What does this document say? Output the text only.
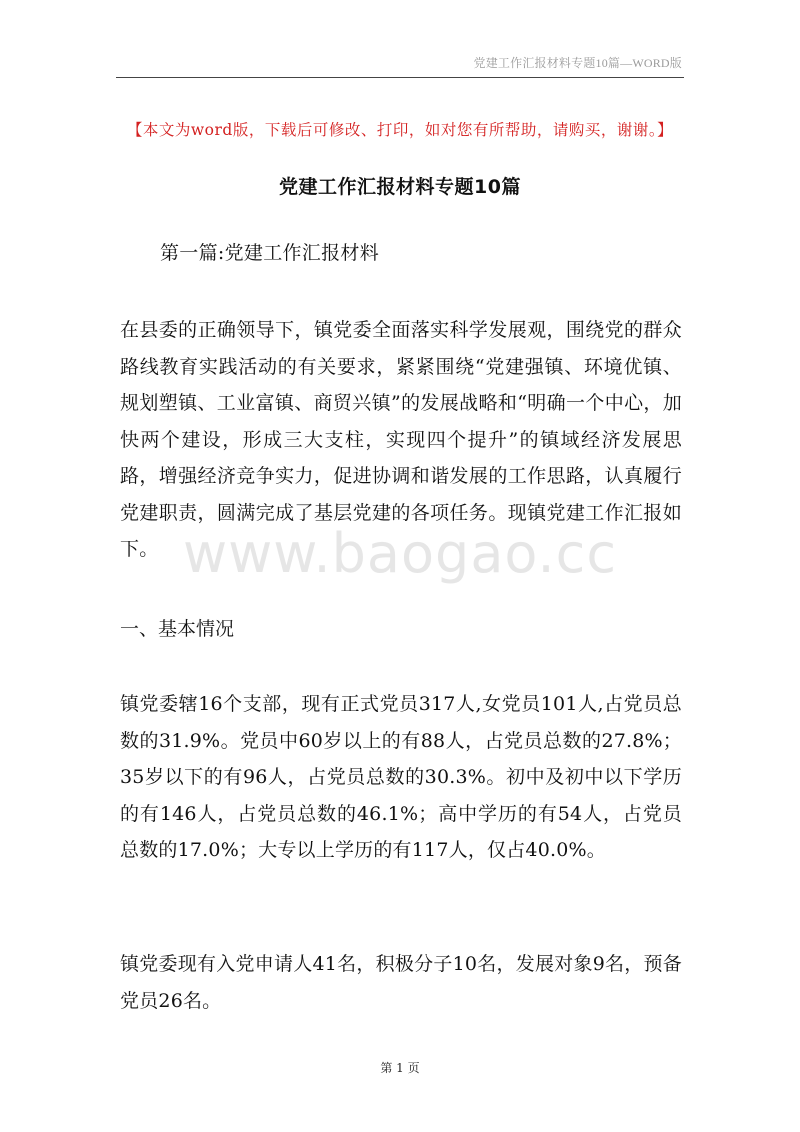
党建工作汇报材料专题10篇—WORD版
【本文为word版，下载后可修改、打印，如对您有所帮助，请购买，谢谢。】
党建工作汇报材料专题10篇
第一篇:党建工作汇报材料
在县委的正确领导下，镇党委全面落实科学发展观，围绕党的群众路线教育实践活动的有关要求，紧紧围绕“党建强镇、环境优镇、规划塑镇、工业富镇、商贸兴镇”的发展战略和“明确一个中心，加快两个建设，形成三大支柱，实现四个提升”的镇域经济发展思路，增强经济竞争实力，促进协调和谐发展的工作思路，认真履行党建职责，圆满完成了基层党建的各项任务。现镇党建工作汇报如下。 www.baogao.cc
一、基本情况
镇党委辖16个支部，现有正式党员317人,女党员101人,占党员总数的31.9%。党员中60岁以上的有88人，占党员总数的27.8%；35岁以下的有96人，占党员总数的30.3%。初中及初中以下学历的有146人，占党员总数的46.1%；高中学历的有54人，占党员总数的17.0%；大专以上学历的有117人，仅占40.0%。
镇党委现有入党申请人41名，积极分子10名，发展对象9名，预备党员26名。
第 1 页
